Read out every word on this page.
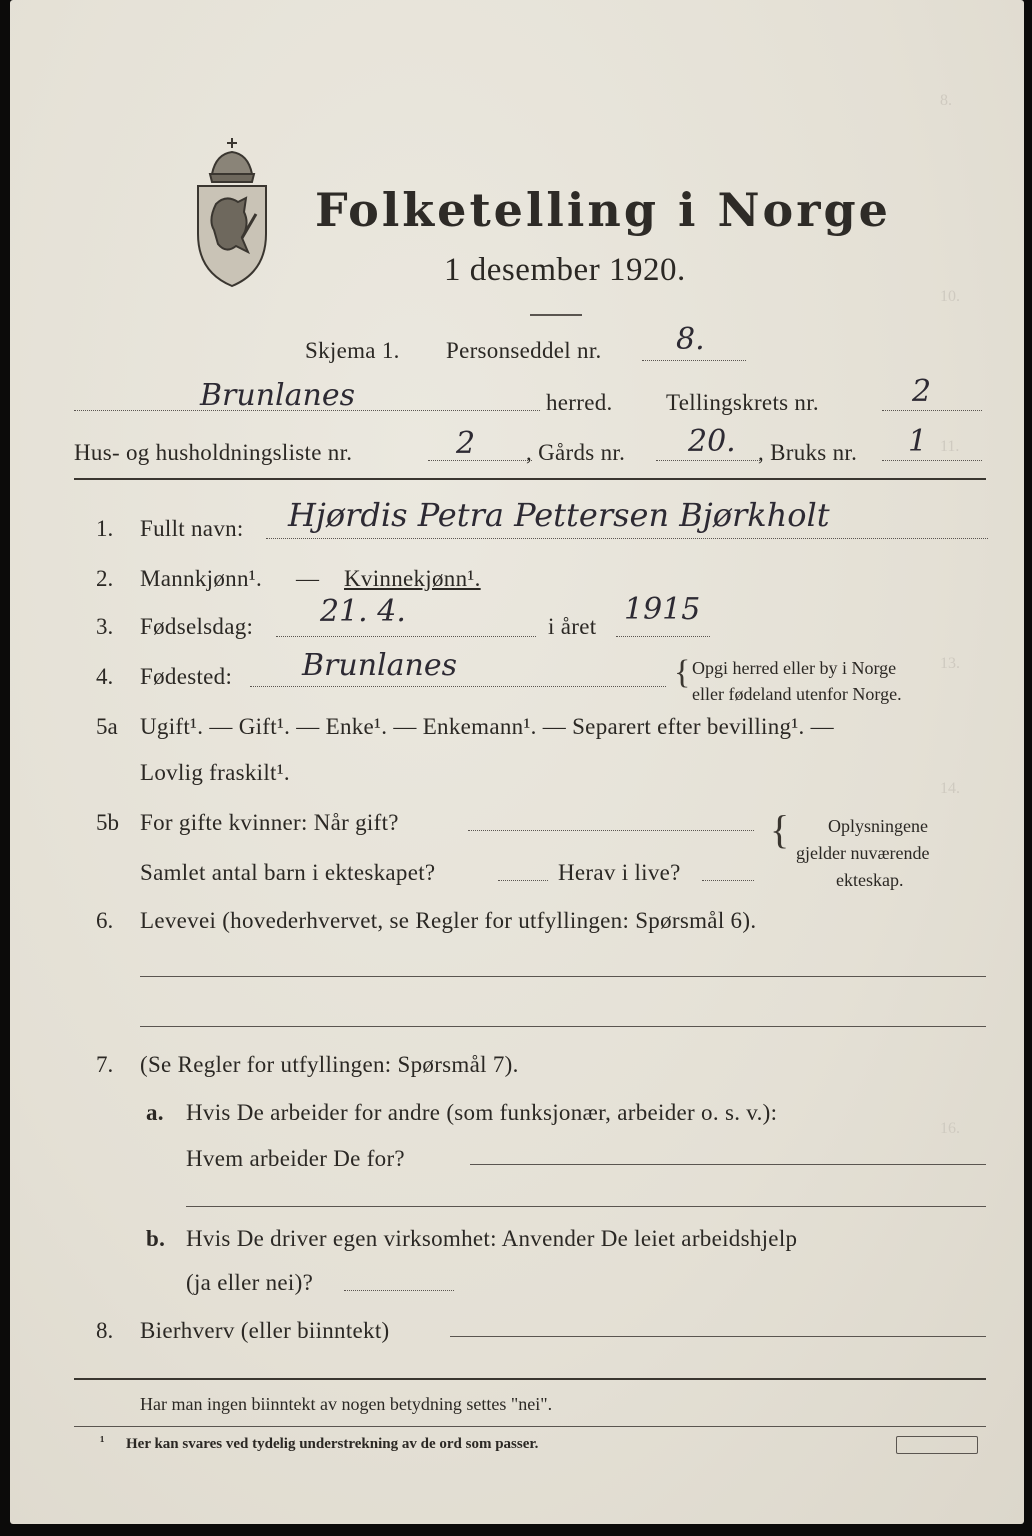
8.
10.
11.
13.
14.
16.
Folketelling i Norge
1 desember 1920.
Skjema 1. Personseddel nr. 8.
Brunlanes	herred. Tellingskrets nr.	2
Hus- og husholdningsliste nr.	2 , Gårds nr. 20. , Bruks nr. 1
1. Fullt navn: Hjørdis Petra Pettersen Bjørkholt
2. Mannkjønn¹. — Kvinnekjønn¹.
3. Fødselsdag: 21. 4.	i året 1915
4. Fødested: Brunlanes	{ Opgi herred eller by i Norge
eller fødeland utenfor Norge.
5a Ugift¹. — Gift¹. — Enke¹. — Enkemann¹. — Separert efter bevilling¹. —
Lovlig fraskilt¹.
5b For gifte kvinner: Når gift?
Samlet antal barn i ekteskapet?	Herav i live?
{ Oplysningene
gjelder nuværende
ekteskap.
6. Levevei (hovederhvervet, se Regler for utfyllingen: Spørsmål 6).
7. (Se Regler for utfyllingen: Spørsmål 7).
a. Hvis De arbeider for andre (som funksjonær, arbeider o. s. v.):
Hvem arbeider De for?
b. Hvis De driver egen virksomhet: Anvender De leiet arbeidshjelp
(ja eller nei)?
8. Bierhverv (eller biinntekt)
Har man ingen biinntekt av nogen betydning settes "nei".
¹ Her kan svares ved tydelig understrekning av de ord som passer.
